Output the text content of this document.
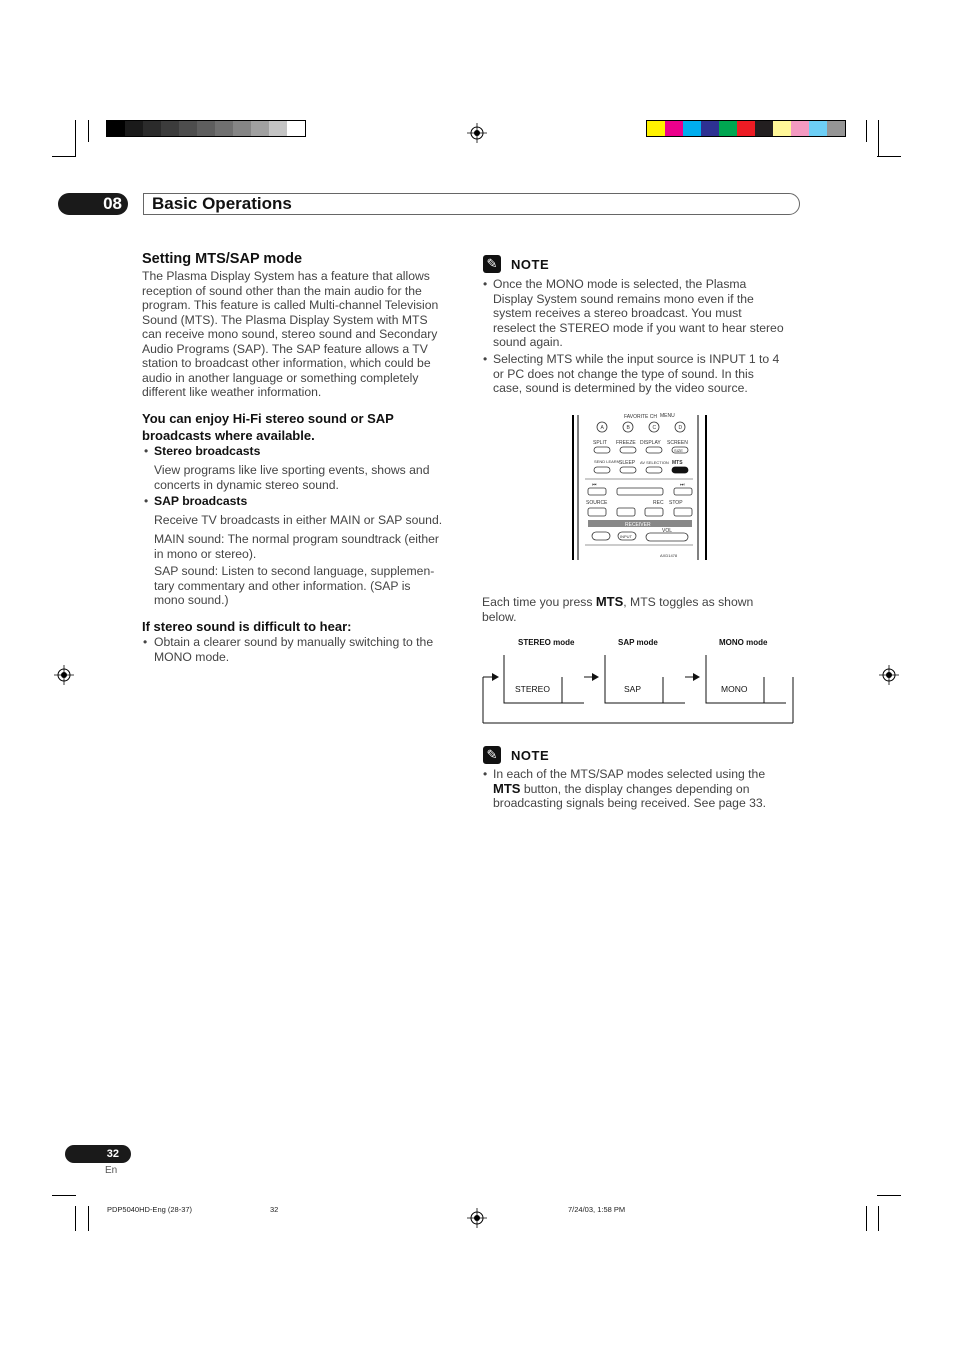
08	Basic Operations
Setting MTS/SAP mode
The Plasma Display System has a feature that allows
reception of sound other than the main audio for the
program. This feature is called Multi-channel Television
Sound (MTS). The Plasma Display System with MTS
can receive mono sound, stereo sound and Secondary
Audio Programs (SAP). The SAP feature allows a TV
station to broadcast other information, which could be
audio in another language or something completely
different like weather information.
You can enjoy Hi-Fi stereo sound or SAP
broadcasts where available.
• Stereo broadcasts
View programs like live sporting events, shows and
concerts in dynamic stereo sound.
• SAP broadcasts
Receive TV broadcasts in either MAIN or SAP sound.
MAIN sound: The normal program soundtrack (either
in mono or stereo).
SAP sound: Listen to second language, supplemen-
tary commentary and other information. (SAP is
mono sound.)
If stereo sound is difficult to hear:
• Obtain a clearer sound by manually switching to the
MONO mode.
✎ NOTE
• Once the MONO mode is selected, the Plasma
Display System sound remains mono even if the
system receives a stereo broadcast. You must
reselect the STEREO mode if you want to hear stereo
sound again.
• Selecting MTS while the input source is INPUT 1 to 4
or PC does not change the type of sound. In this
case, sound is determined by the video source.
FAVORITE CH MENU
A	B	C	D
SPLIT FREEZE DISPLAY SCREEN
SIZE
SEND LEARN SLEEP AV SELECTION MTS
⏮	⏭
SOURCE	REC STOP
RECEIVER
INPUT
VOL
AXD1478
Each time you press MTS, MTS toggles as shown
below.
STEREO mode	SAP mode	MONO mode
STEREO	SAP	MONO
✎ NOTE
• In each of the MTS/SAP modes selected using the
MTS button, the display changes depending on
broadcasting signals being received. See page 33.
32
En
PDP5040HD-Eng (28-37)	32	7/24/03, 1:58 PM
